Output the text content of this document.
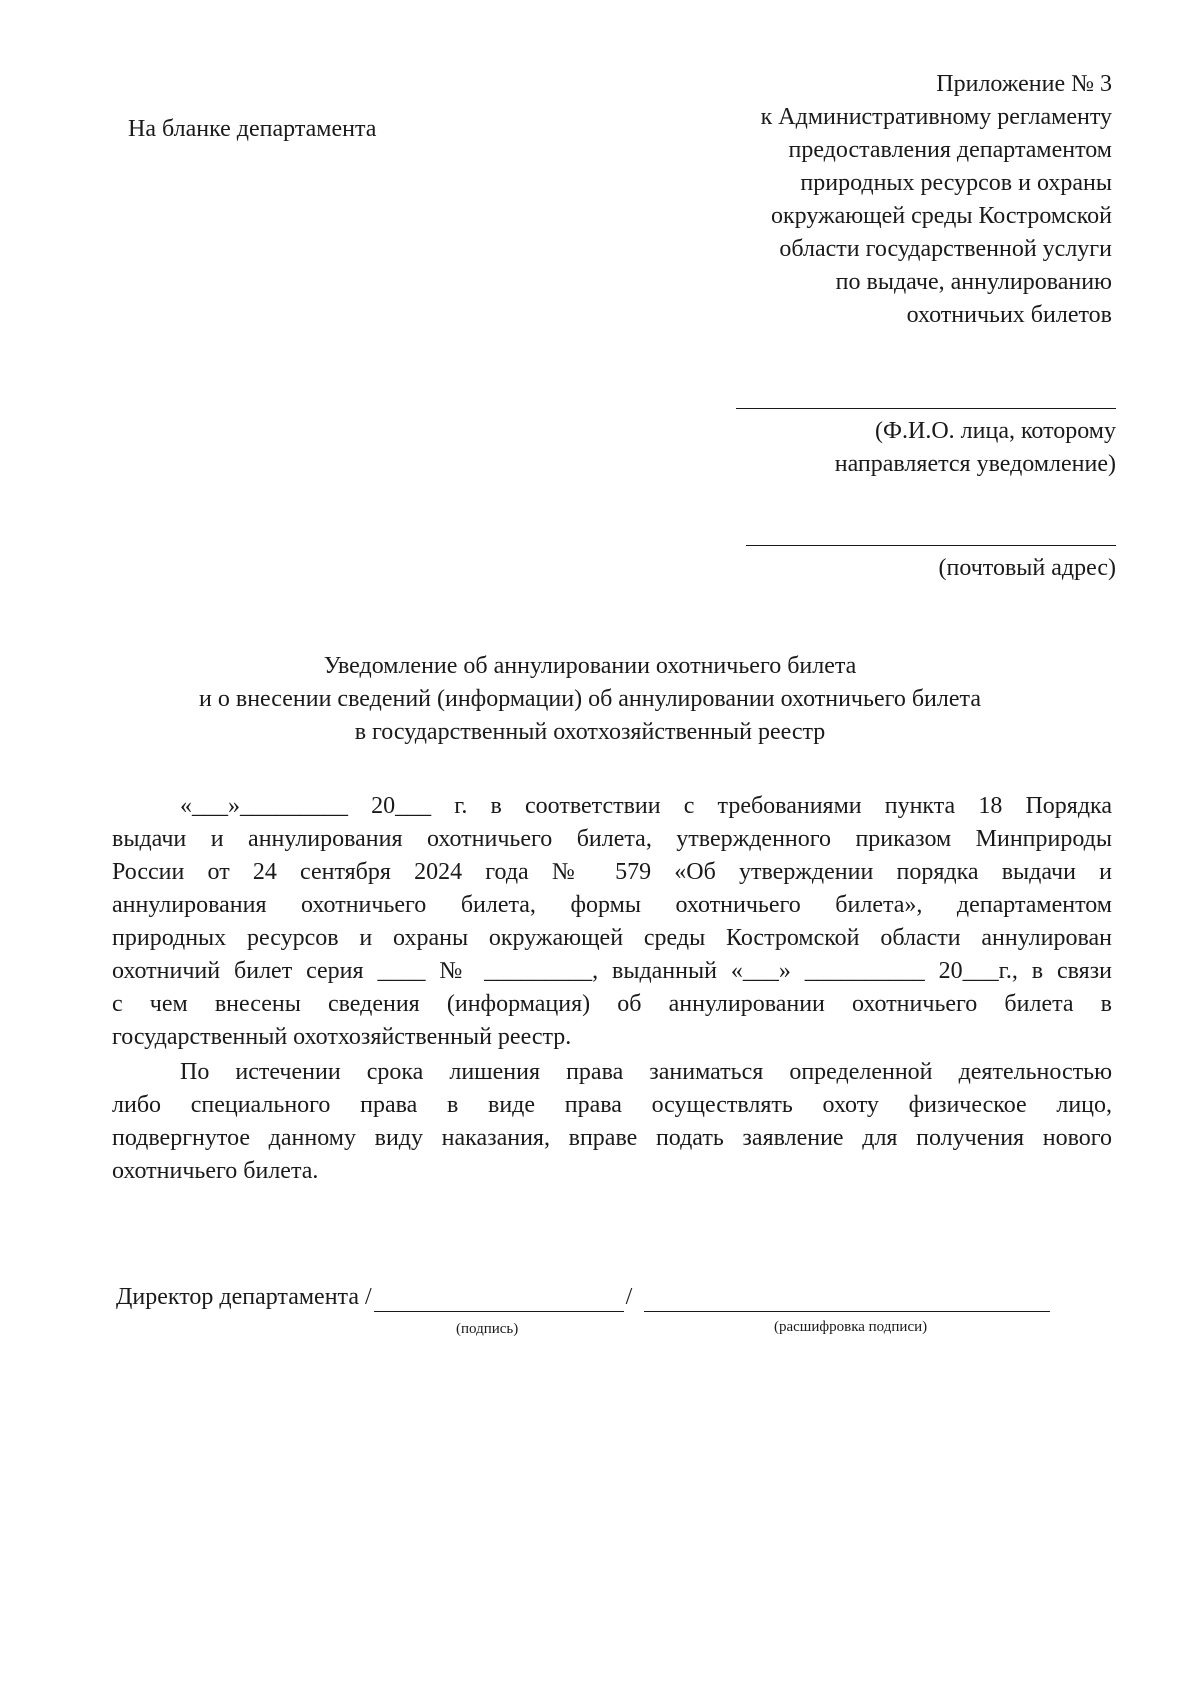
На бланке департамента
Приложение № 3
к Административному регламенту
предоставления департаментом
природных ресурсов и охраны
окружающей среды Костромской
области государственной услуги
по выдаче, аннулированию
охотничьих билетов
(Ф.И.О. лица, которому
направляется уведомление)
(почтовый адрес)
Уведомление об аннулировании охотничьего билета
и о внесении сведений (информации) об аннулировании охотничьего билета
в государственный охотхозяйственный реестр
«___»_________ 20___ г. в соответствии с требованиями пункта 18 Порядка
выдачи и аннулирования охотничьего билета, утвержденного приказом Минприроды
России от 24 сентября 2024 года № 579 «Об утверждении порядка выдачи и
аннулирования охотничьего билета, формы охотничьего билета», департаментом
природных ресурсов и охраны окружающей среды Костромской области аннулирован
охотничий билет серия ____ № _________, выданный «___» __________ 20___г., в связи
с чем внесены сведения (информация) об аннулировании охотничьего билета в
государственный охотхозяйственный реестр.
По истечении срока лишения права заниматься определенной деятельностью
либо специального права в виде права осуществлять охоту физическое лицо,
подвергнутое данному виду наказания, вправе подать заявление для получения нового
охотничьего билета.
Директор департамента /	/
(подпись)	(расшифровка подписи)
